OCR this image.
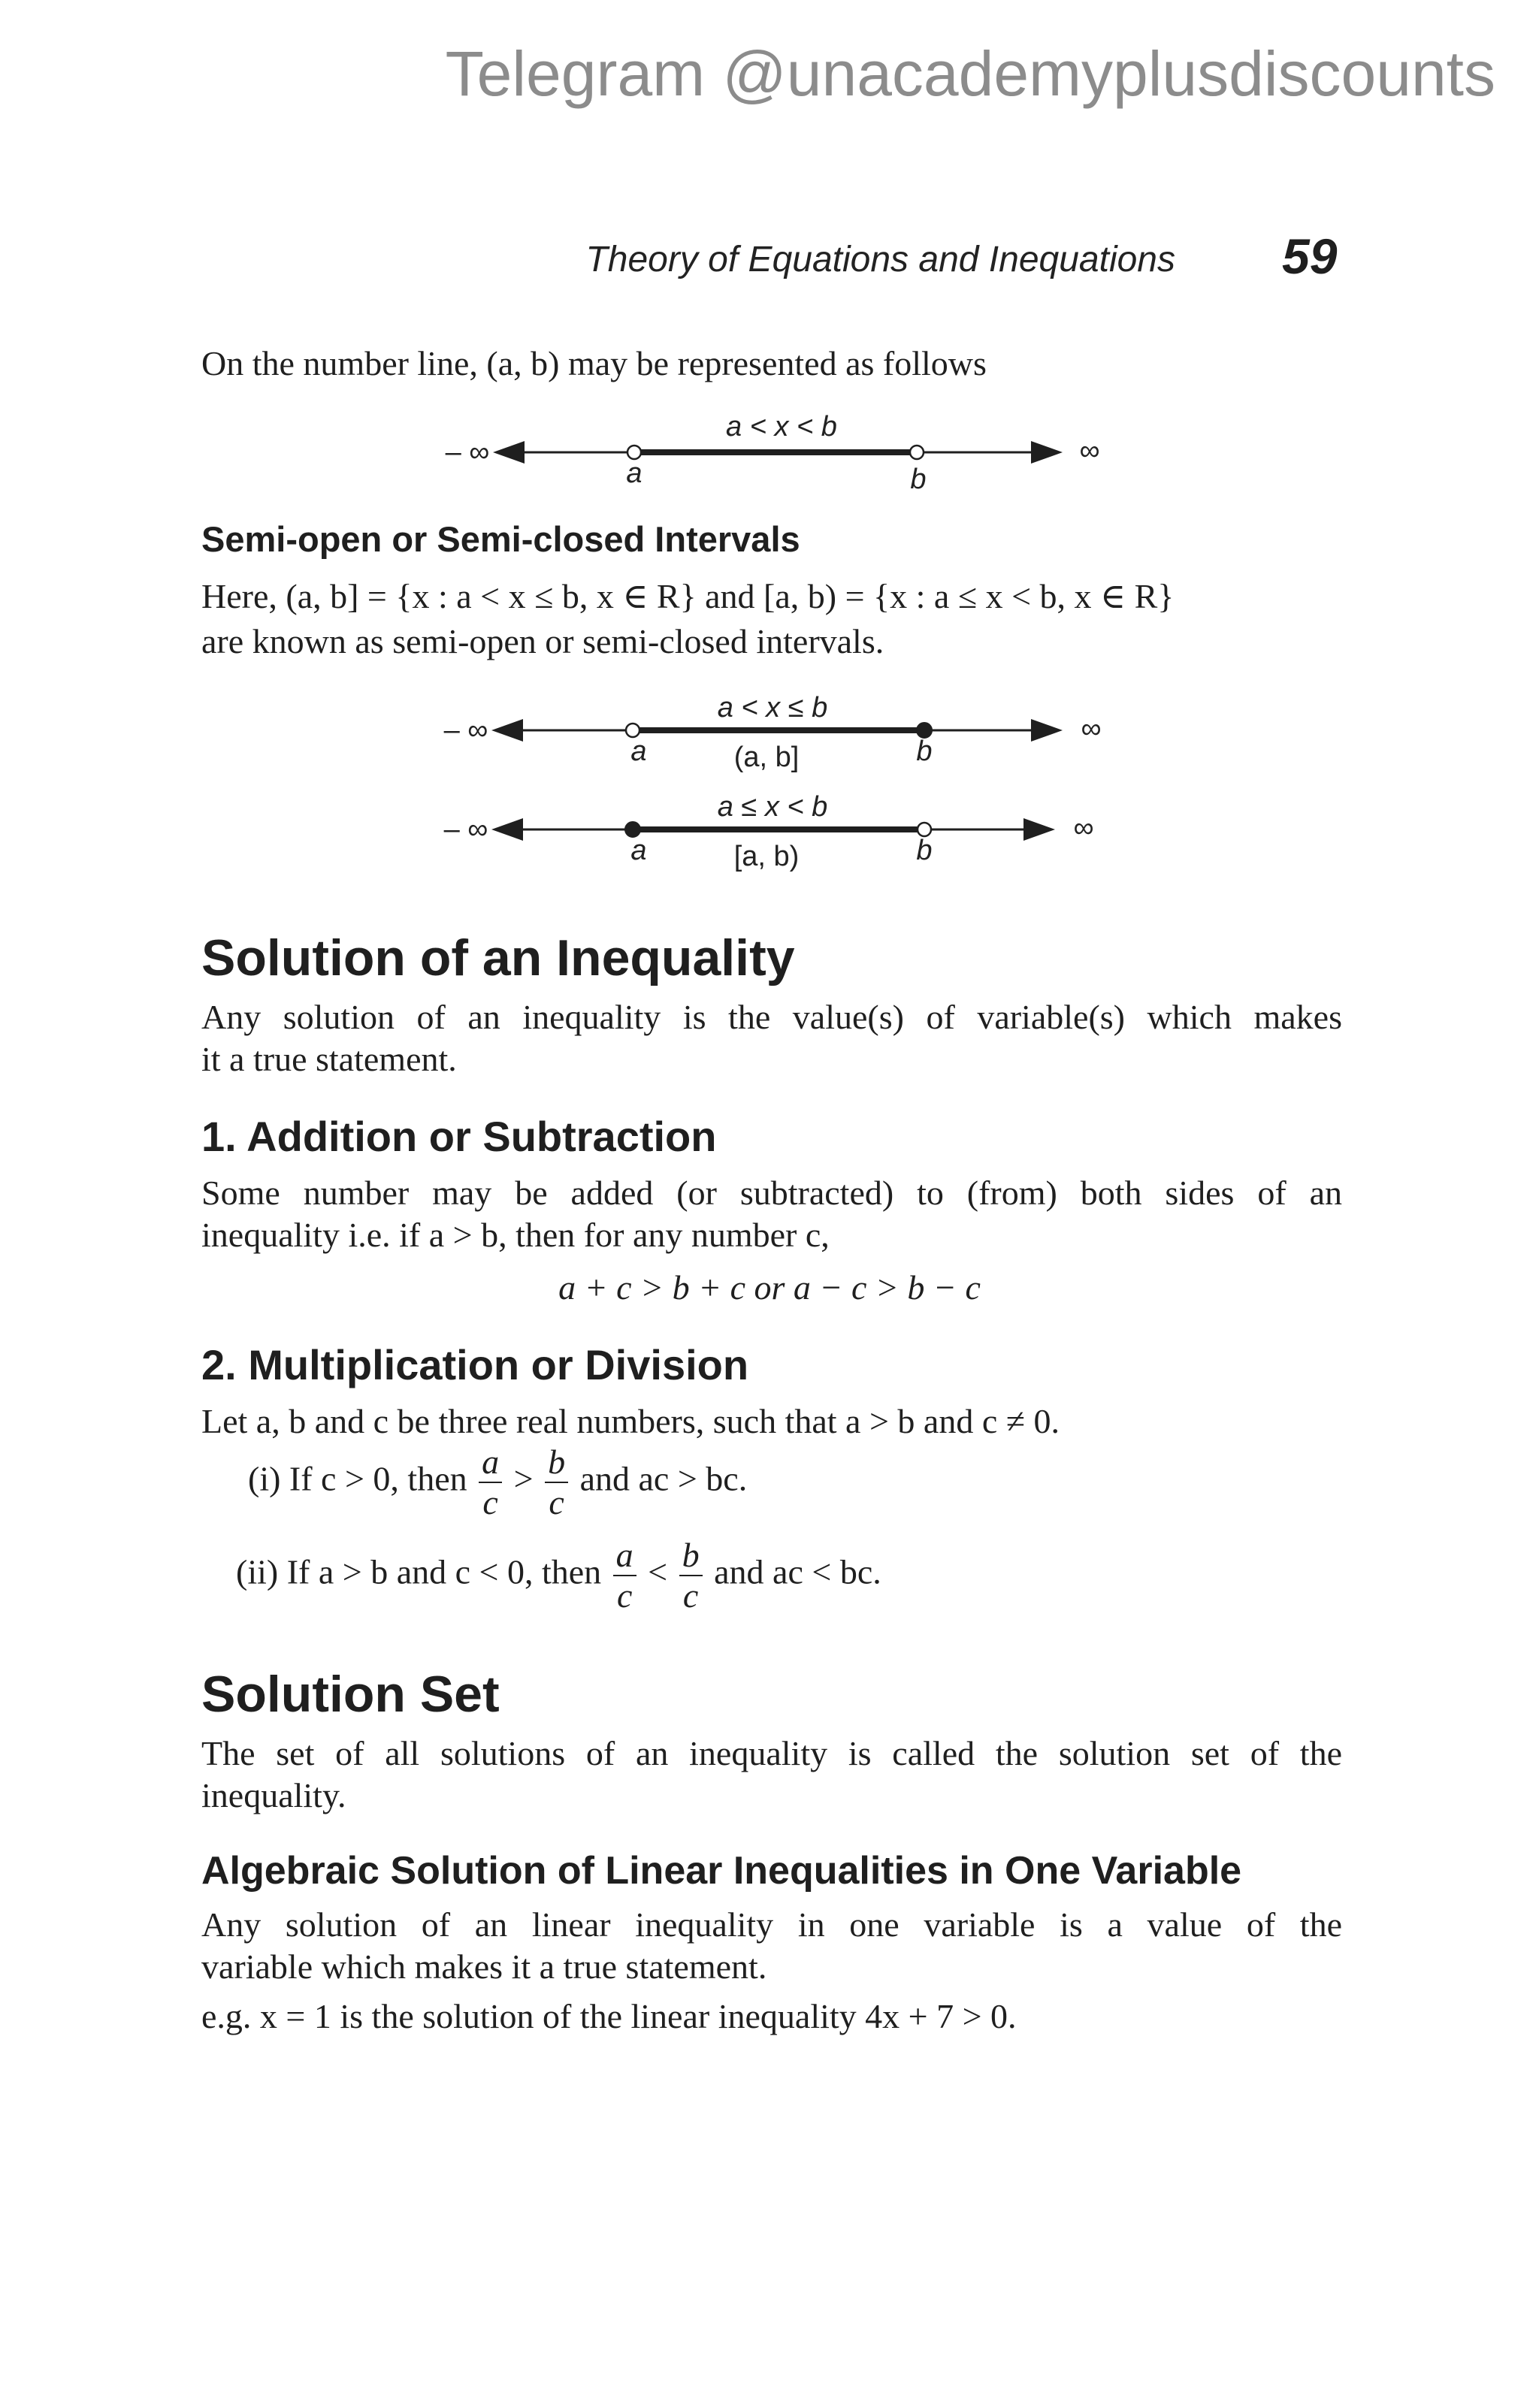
Telegram @unacademyplusdiscounts
Theory of Equations and Inequations 59
On the number line, (a, b) may be represented as follows
a < x < b
– ∞	∞
a	b
a < x ≤ b
– ∞	∞
a	b
(a, b]
a ≤ x < b
– ∞	∞
a	b
[a, b)
Semi-open or Semi-closed Intervals
Here, (a, b] = {x : a < x ≤ b, x ∈ R} and [a, b) = {x : a ≤ x < b, x ∈ R}
are known as semi-open or semi-closed intervals.
Solution of an Inequality
Any solution of an inequality is the value(s) of variable(s) which makes
it a true statement.
1. Addition or Subtraction
Some number may be added (or subtracted) to (from) both sides of an
inequality i.e. if a > b, then for any number c,
a + c > b + c or a − c > b − c
2. Multiplication or Division
Let a, b and c be three real numbers, such that a > b and c ≠ 0.
(i) If c > 0, then $\frac{a}{c} > \frac{b}{c}$ and ac > bc.
(ii) If a > b and c < 0, then $\frac{a}{c} < \frac{b}{c}$ and ac < bc.
Solution Set
The set of all solutions of an inequality is called the solution set of the
inequality.
Algebraic Solution of Linear Inequalities in One Variable
Any solution of an linear inequality in one variable is a value of the
variable which makes it a true statement.
e.g. x = 1 is the solution of the linear inequality 4x + 7 > 0.
